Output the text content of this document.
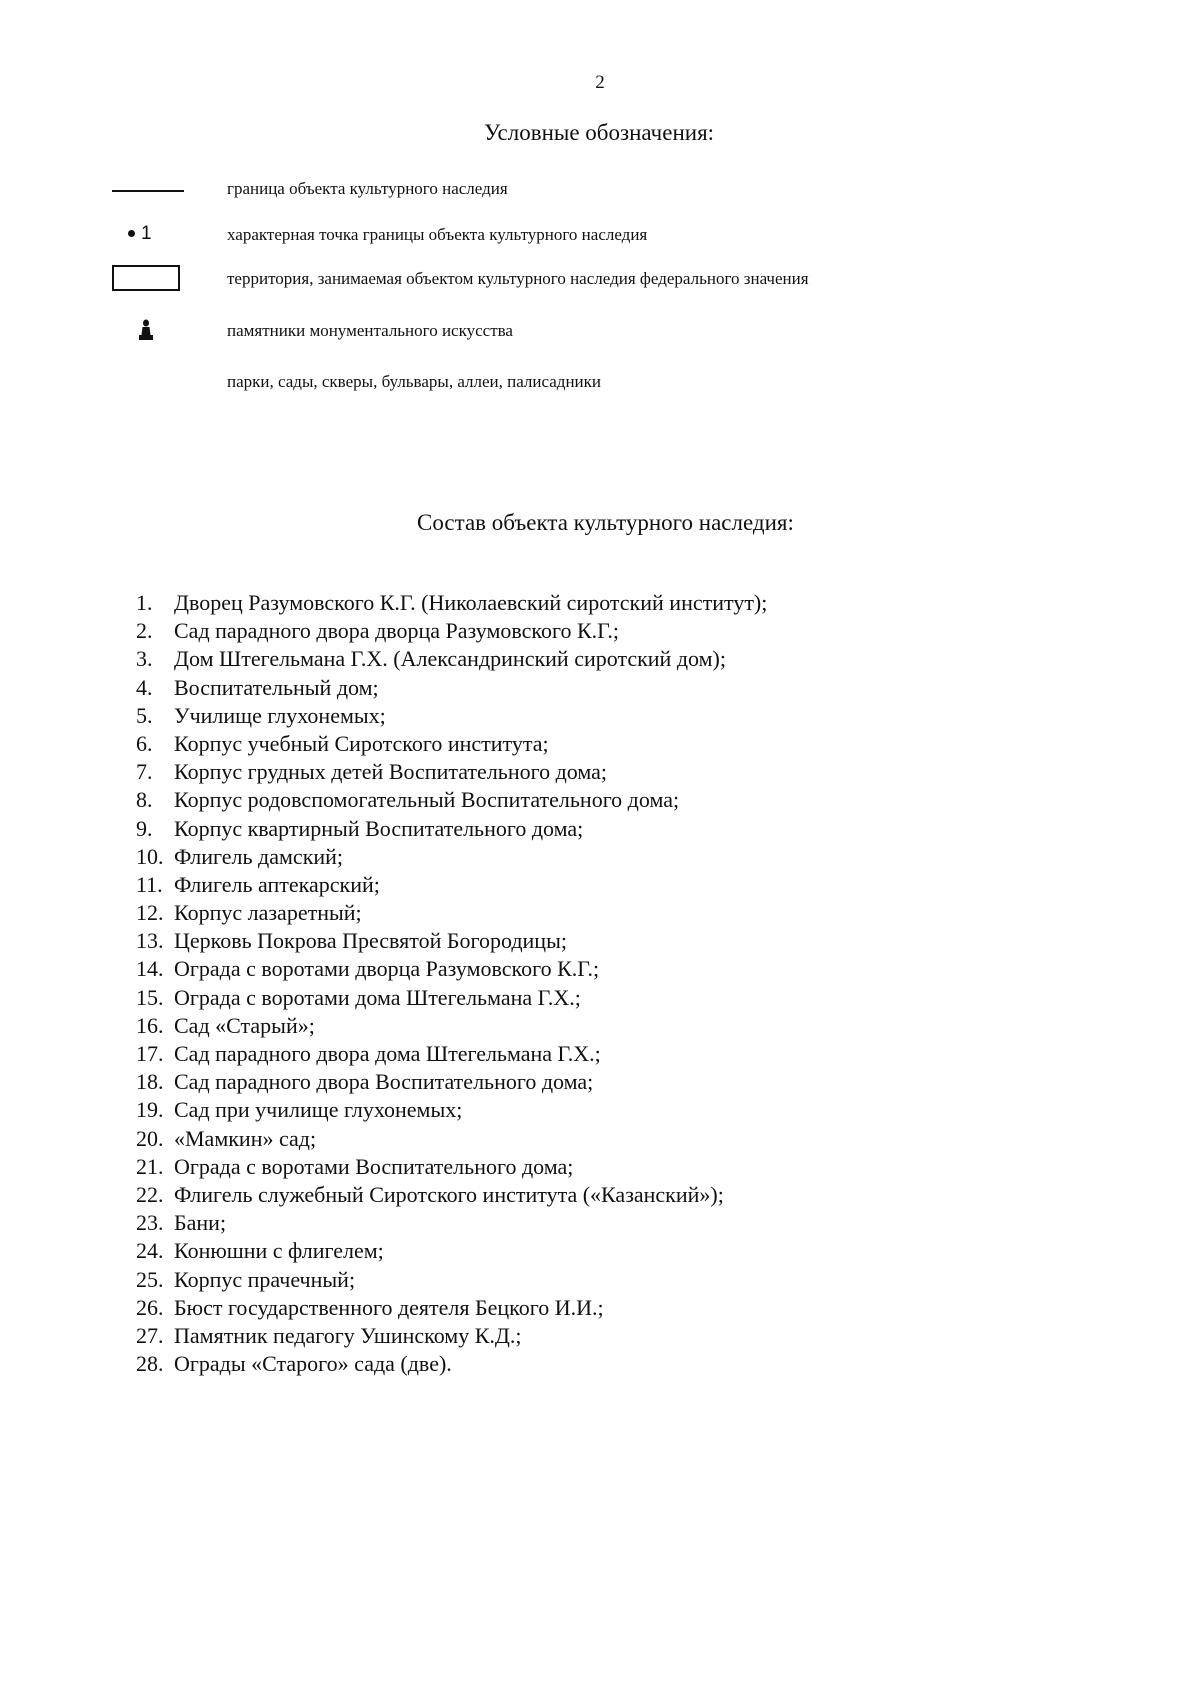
2
Условные обозначения:
граница объекта культурного наследия
1	характерная точка границы объекта культурного наследия
территория, занимаемая объектом культурного наследия федерального значения
памятники монументального искусства
парки, сады, скверы, бульвары, аллеи, палисадники
Состав объекта культурного наследия:
1. Дворец Разумовского К.Г. (Николаевский сиротский институт);
2. Сад парадного двора дворца Разумовского К.Г.;
3. Дом Штегельмана Г.Х. (Александринский сиротский дом);
4. Воспитательный дом;
5. Училище глухонемых;
6. Корпус учебный Сиротского института;
7. Корпус грудных детей Воспитательного дома;
8. Корпус родовспомогательный Воспитательного дома;
9. Корпус квартирный Воспитательного дома;
10. Флигель дамский;
11. Флигель аптекарский;
12. Корпус лазаретный;
13. Церковь Покрова Пресвятой Богородицы;
14. Ограда с воротами дворца Разумовского К.Г.;
15. Ограда с воротами дома Штегельмана Г.Х.;
16. Сад «Старый»;
17. Сад парадного двора дома Штегельмана Г.Х.;
18. Сад парадного двора Воспитательного дома;
19. Сад при училище глухонемых;
20. «Мамкин» сад;
21. Ограда с воротами Воспитательного дома;
22. Флигель служебный Сиротского института («Казанский»);
23. Бани;
24. Конюшни с флигелем;
25. Корпус прачечный;
26. Бюст государственного деятеля Бецкого И.И.;
27. Памятник педагогу Ушинскому К.Д.;
28. Ограды «Старого» сада (две).
